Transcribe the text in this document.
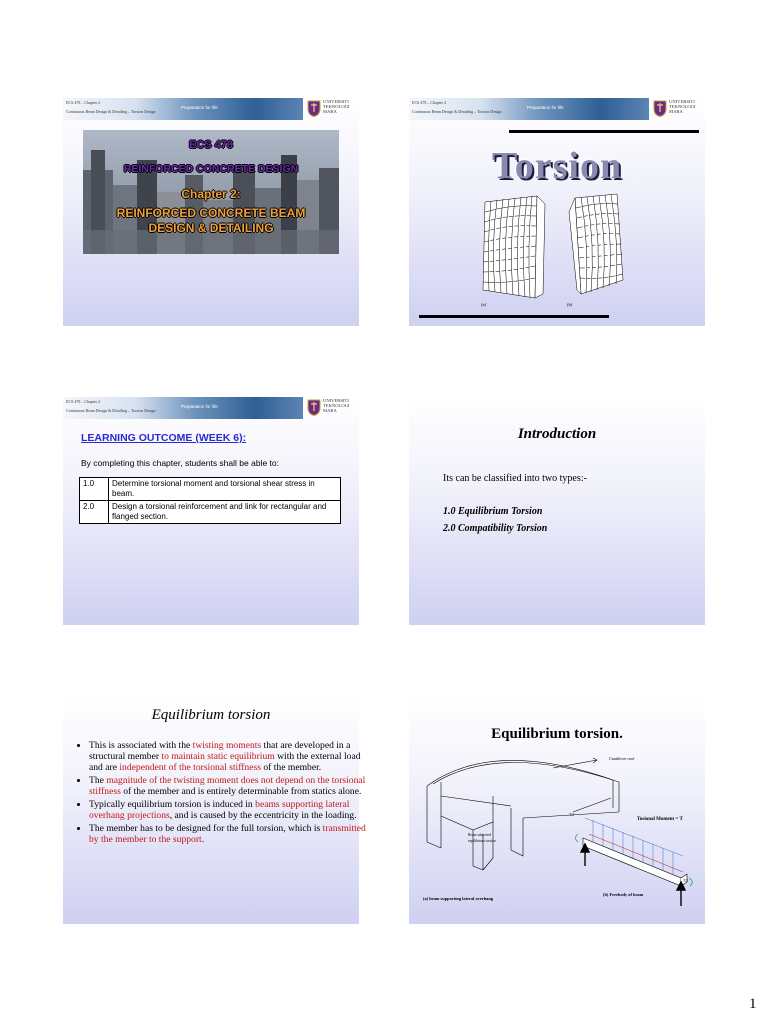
ECS 478 – Chapter 2
Continuous Beam Design & Detailing – Torsion Design
Preparation for life
UNIVERSITI
TEKNOLOGI
MARA
ECS 478
REINFORCED CONCRETE DESIGN
Chapter 2:
REINFORCED CONCRETE BEAM
DESIGN & DETAILING
ECS 478 – Chapter 2
Continuous Beam Design & Detailing – Torsion Design
Preparation for life
UNIVERSITI
TEKNOLOGI
MARA
Torsion
(a)	(b)
ECS 478 – Chapter 2
Continuous Beam Design & Detailing – Torsion Design
Preparation for life
UNIVERSITI
TEKNOLOGI
MARA
LEARNING OUTCOME (WEEK 6):
By completing this chapter, students shall be able to:
1.0	Determine torsional moment and torsional shear stress in beam.
2.0	Design a torsional reinforcement and link for rectangular and flanged section.
Introduction
Its can be classified into two types:-
1.0 Equilibrium Torsion
2.0 Compatibility Torsion
Equilibrium torsion
• This is associated with the twisting moments that are developed in a structural member to maintain static equilibrium with the external load and are independent of the torsional stiffness of the member.
• The magnitude of the twisting moment does not depend on the torsional stiffness of the member and is entirely determinable from statics alone.
• Typically equilibrium torsion is induced in beams supporting lateral overhang projections, and is caused by the eccentricity in the loading.
• The member has to be designed for the full torsion, which is transmitted by the member to the support.
Equilibrium torsion.
Cantilever roof
Beam subjected
equilibrium torsion
Tosional Moment = T
T/2
T/2
(a) beam supporting lateral overhang
(b) Freebody of beam
1
